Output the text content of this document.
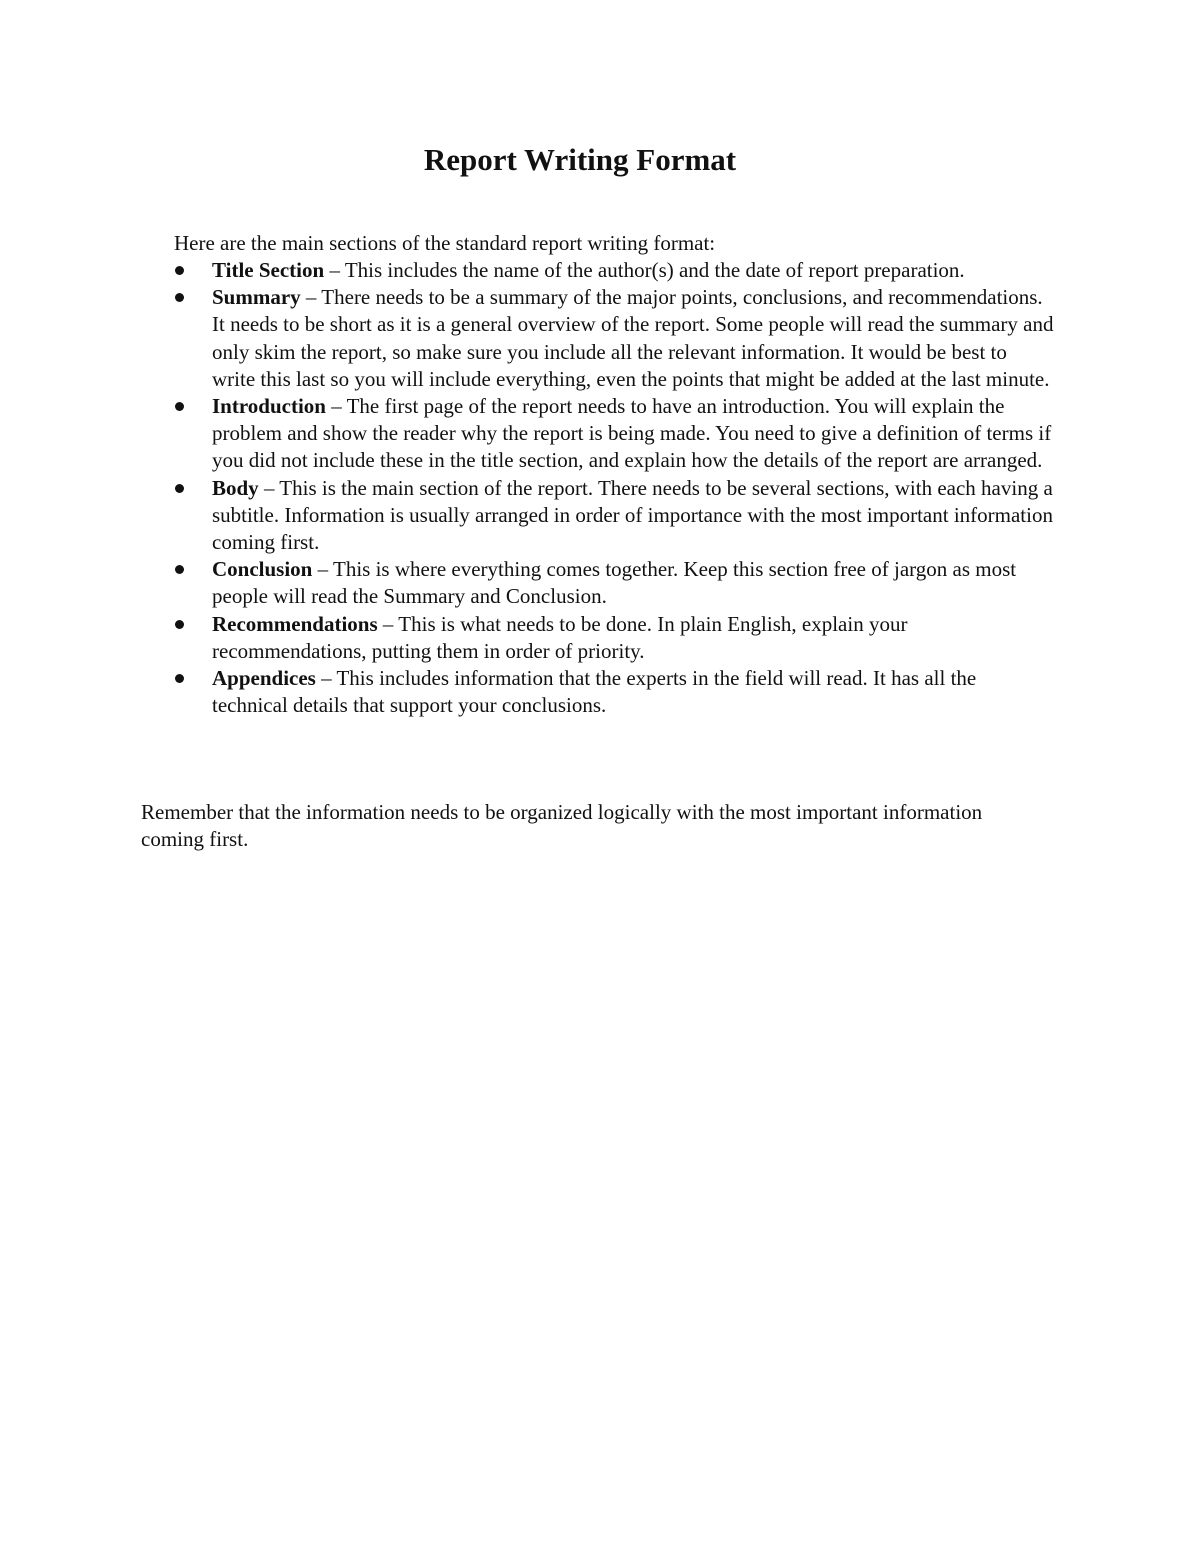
Report Writing Format

Here are the main sections of the standard report writing format:

Title Section – This includes the name of the author(s) and the date of report preparation.
Summary – There needs to be a summary of the major points, conclusions, and recommendations. It needs to be short as it is a general overview of the report. Some people will read the summary and only skim the report, so make sure you include all the relevant information. It would be best to write this last so you will include everything, even the points that might be added at the last minute.
Introduction – The first page of the report needs to have an introduction. You will explain the problem and show the reader why the report is being made. You need to give a definition of terms if you did not include these in the title section, and explain how the details of the report are arranged.
Body – This is the main section of the report. There needs to be several sections, with each having a subtitle. Information is usually arranged in order of importance with the most important information coming first.
Conclusion – This is where everything comes together. Keep this section free of jargon as most people will read the Summary and Conclusion.
Recommendations – This is what needs to be done. In plain English, explain your recommendations, putting them in order of priority.
Appendices – This includes information that the experts in the field will read. It has all the technical details that support your conclusions.

Remember that the information needs to be organized logically with the most important information coming first.
